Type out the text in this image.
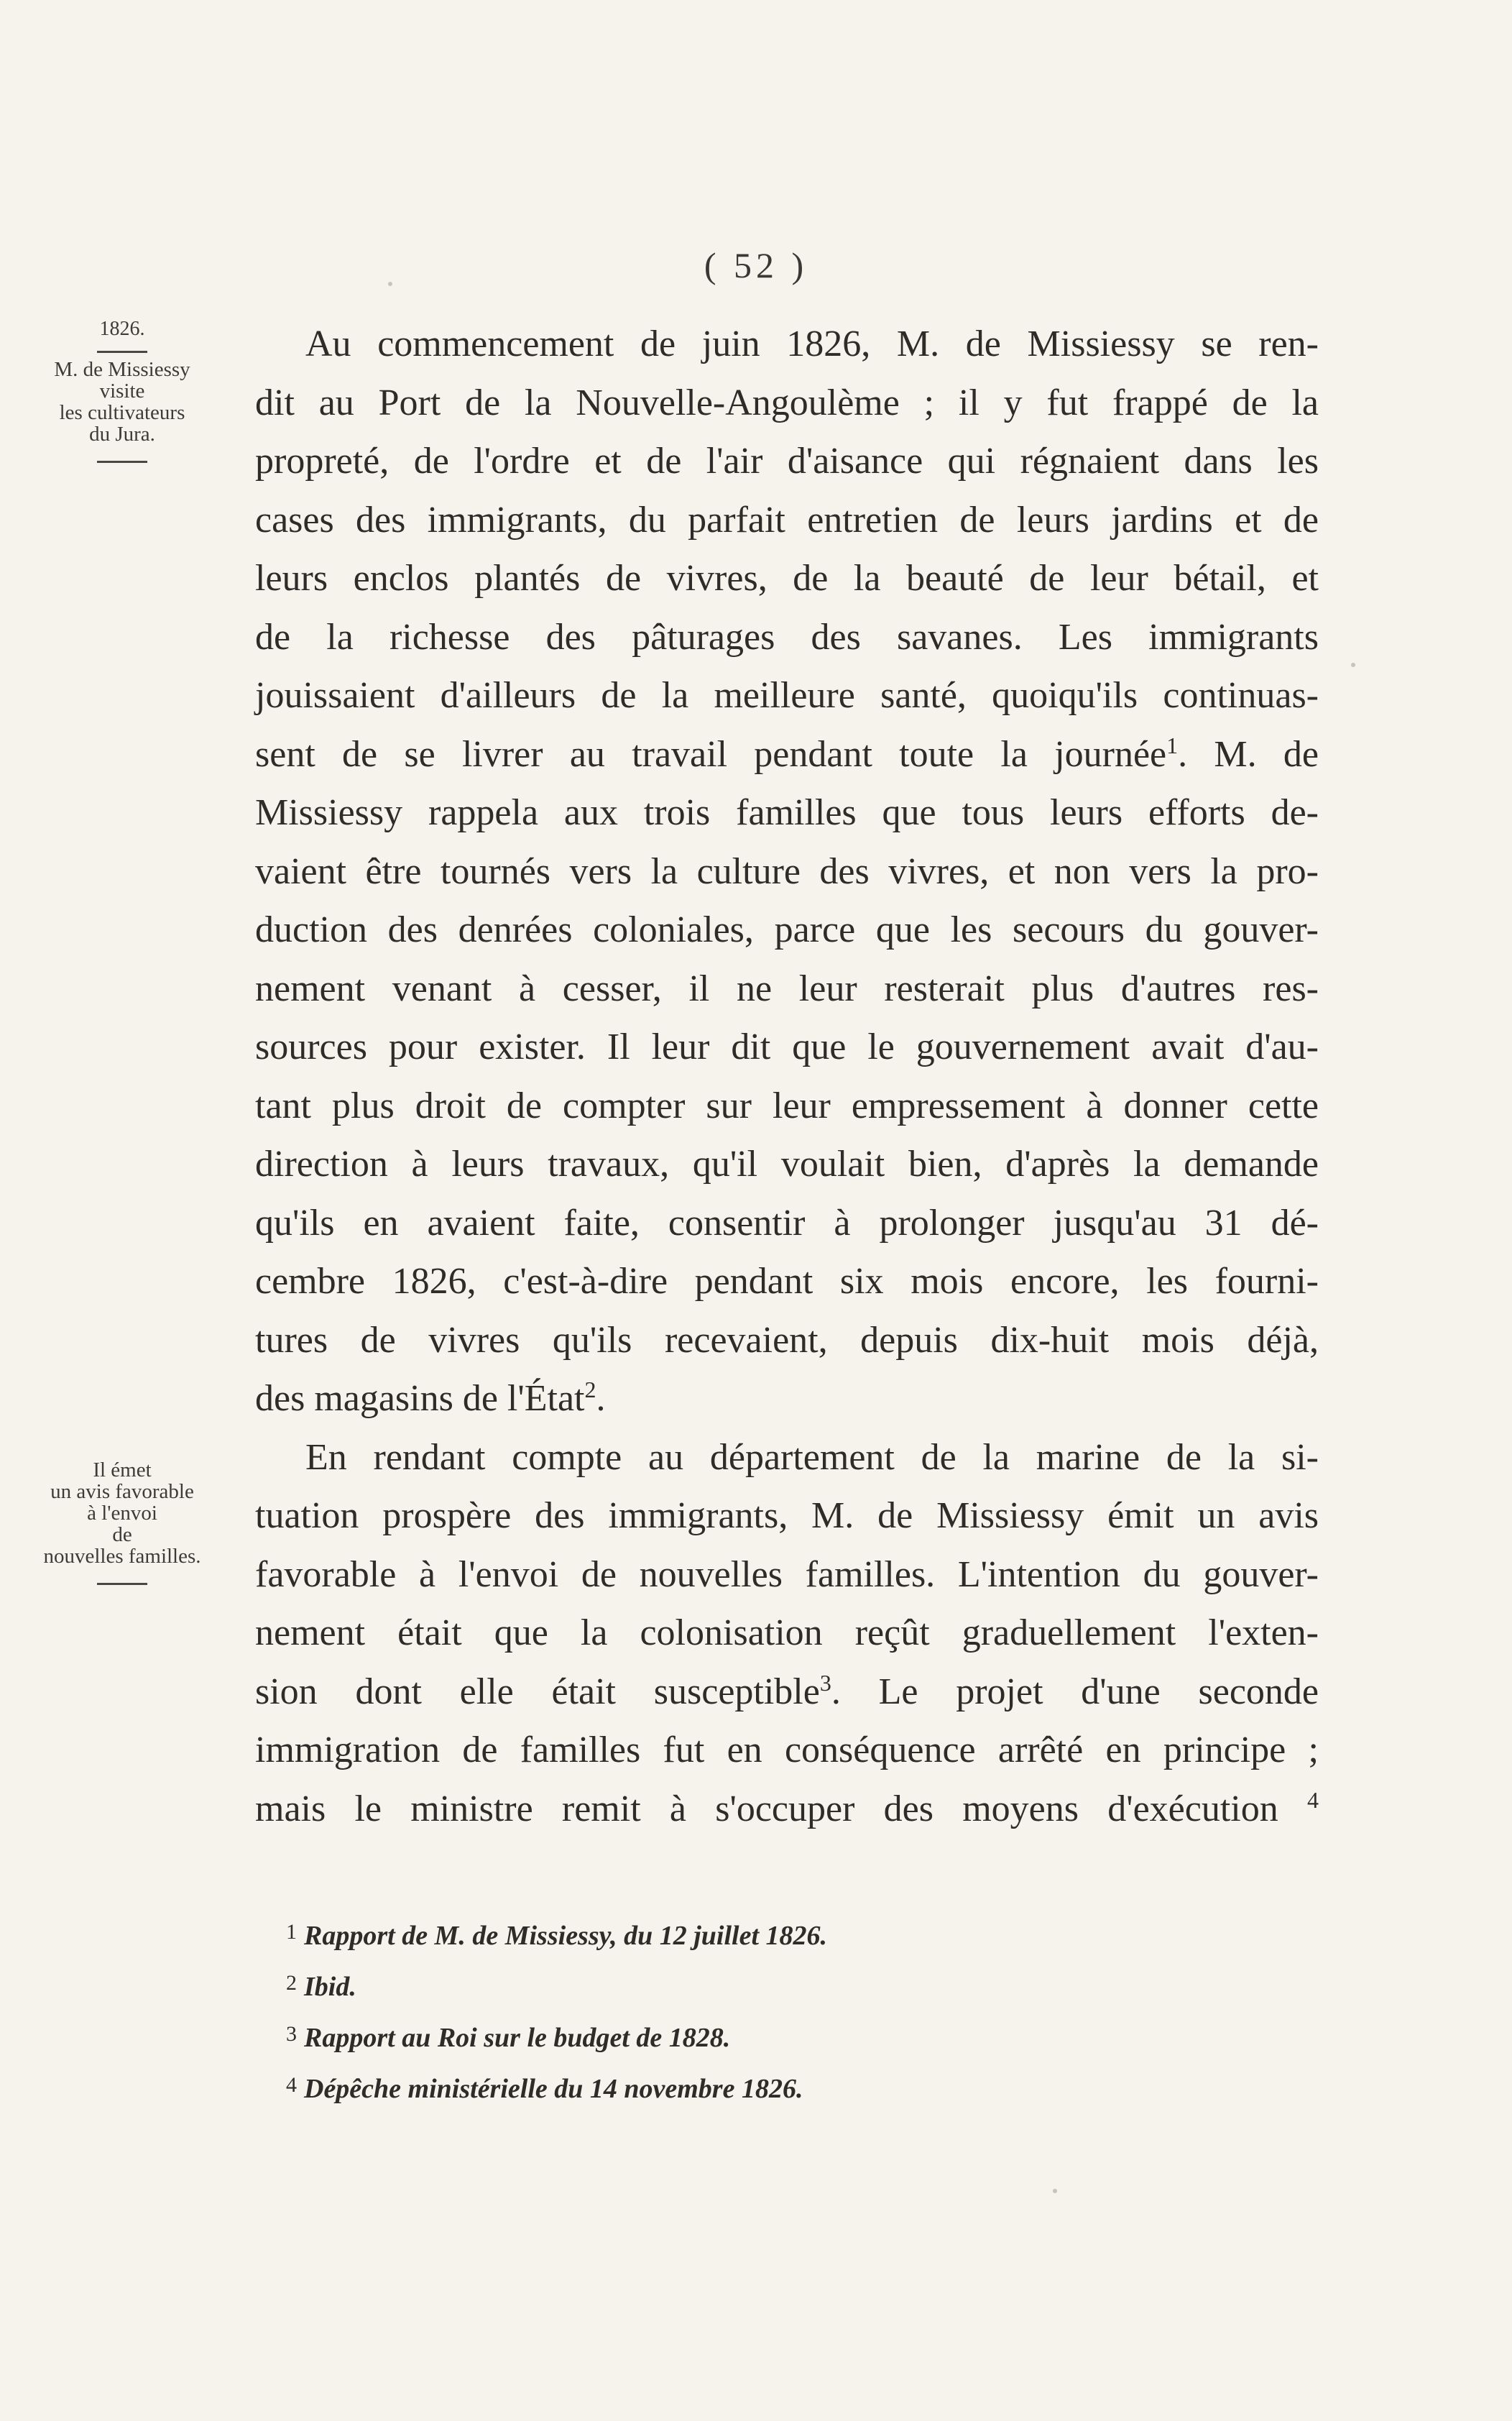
( 52 )
1826.
M. de Missiessy
visite
les cultivateurs
du Jura.
Il émet
un avis favorable
à l'envoi
de
nouvelles familles.
Au commencement de juin 1826, M. de Missiessy se ren-
dit au Port de la Nouvelle-Angoulème ; il y fut frappé de la
propreté, de l'ordre et de l'air d'aisance qui régnaient dans les
cases des immigrants, du parfait entretien de leurs jardins et de
leurs enclos plantés de vivres, de la beauté de leur bétail, et
de la richesse des pâturages des savanes. Les immigrants
jouissaient d'ailleurs de la meilleure santé, quoiqu'ils continuas-
sent de se livrer au travail pendant toute la journée$^1$. M. de
Missiessy rappela aux trois familles que tous leurs efforts de-
vaient être tournés vers la culture des vivres, et non vers la pro-
duction des denrées coloniales, parce que les secours du gouver-
nement venant à cesser, il ne leur resterait plus d'autres res-
sources pour exister. Il leur dit que le gouvernement avait d'au-
tant plus droit de compter sur leur empressement à donner cette
direction à leurs travaux, qu'il voulait bien, d'après la demande
qu'ils en avaient faite, consentir à prolonger jusqu'au 31 dé-
cembre 1826, c'est-à-dire pendant six mois encore, les fourni-
tures de vivres qu'ils recevaient, depuis dix-huit mois déjà,
des magasins de l'État$^2$.
En rendant compte au département de la marine de la si-
tuation prospère des immigrants, M. de Missiessy émit un avis
favorable à l'envoi de nouvelles familles. L'intention du gouver-
nement était que la colonisation reçût graduellement l'exten-
sion dont elle était susceptible$^3$. Le projet d'une seconde
immigration de familles fut en conséquence arrêté en principe ;
mais le ministre remit à s'occuper des moyens d'exécution $^4$
$^1$ Rapport de M. de Missiessy, du 12 juillet 1826.
$^2$ Ibid.
$^3$ Rapport au Roi sur le budget de 1828.
$^4$ Dépêche ministérielle du 14 novembre 1826.
